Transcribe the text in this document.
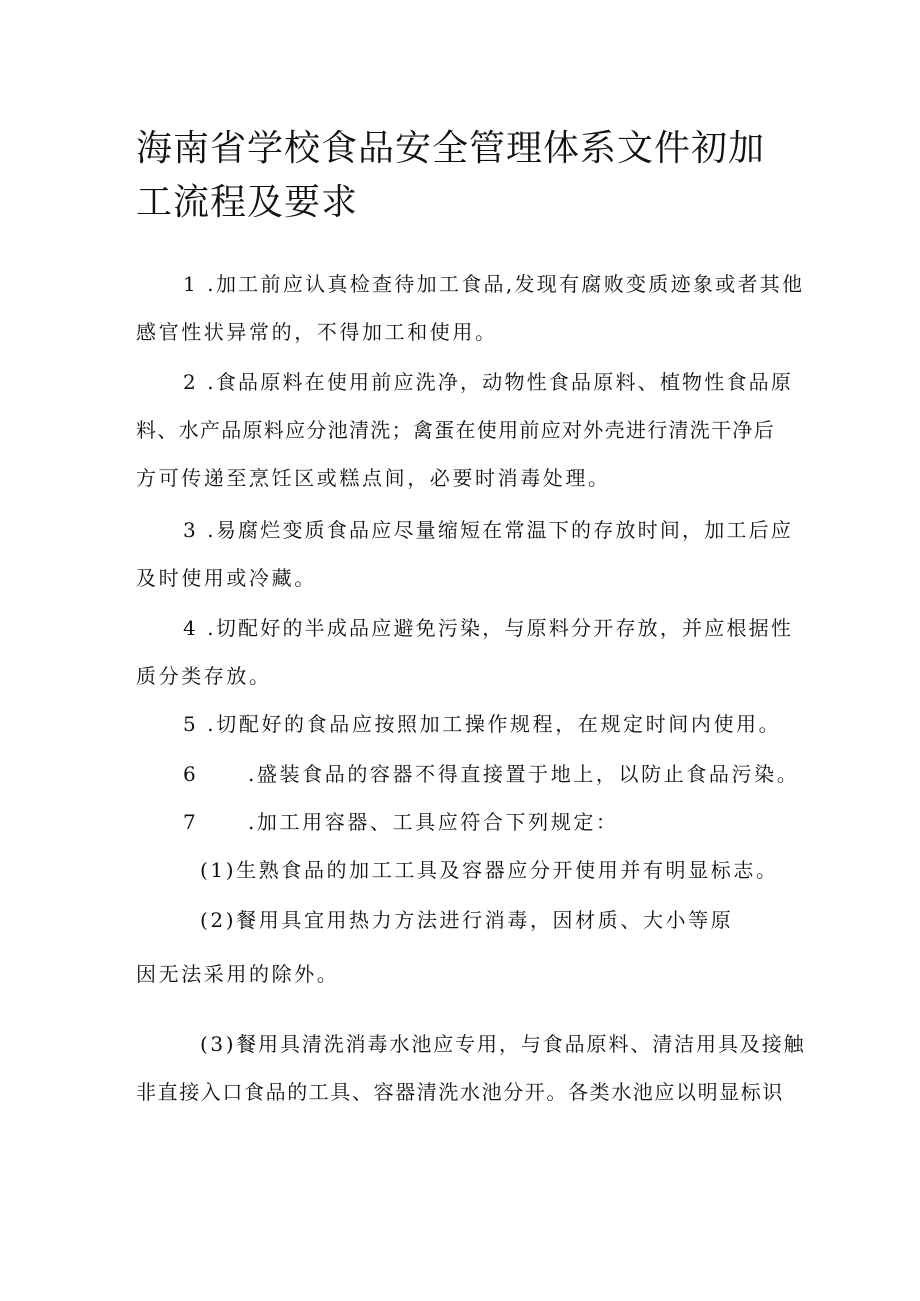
海南省学校食品安全管理体系文件初加工流程及要求
1 .加工前应认真检查待加工食品,发现有腐败变质迹象或者其他
感官性状异常的，不得加工和使用。
2 .食品原料在使用前应洗净，动物性食品原料、植物性食品原
料、水产品原料应分池清洗；禽蛋在使用前应对外壳进行清洗干净后
方可传递至烹饪区或糕点间，必要时消毒处理。
3 .易腐烂变质食品应尽量缩短在常温下的存放时间，加工后应
及时使用或冷藏。
4 .切配好的半成品应避免污染，与原料分开存放，并应根据性
质分类存放。
5 .切配好的食品应按照加工操作规程，在规定时间内使用。
6 .盛装食品的容器不得直接置于地上，以防止食品污染。
7 .加工用容器、工具应符合下列规定：
(1)生熟食品的加工工具及容器应分开使用并有明显标志。
(2)餐用具宜用热力方法进行消毒，因材质、大小等原
因无法采用的除外。
(3)餐用具清洗消毒水池应专用，与食品原料、清洁用具及接触
非直接入口食品的工具、容器清洗水池分开。各类水池应以明显标识
